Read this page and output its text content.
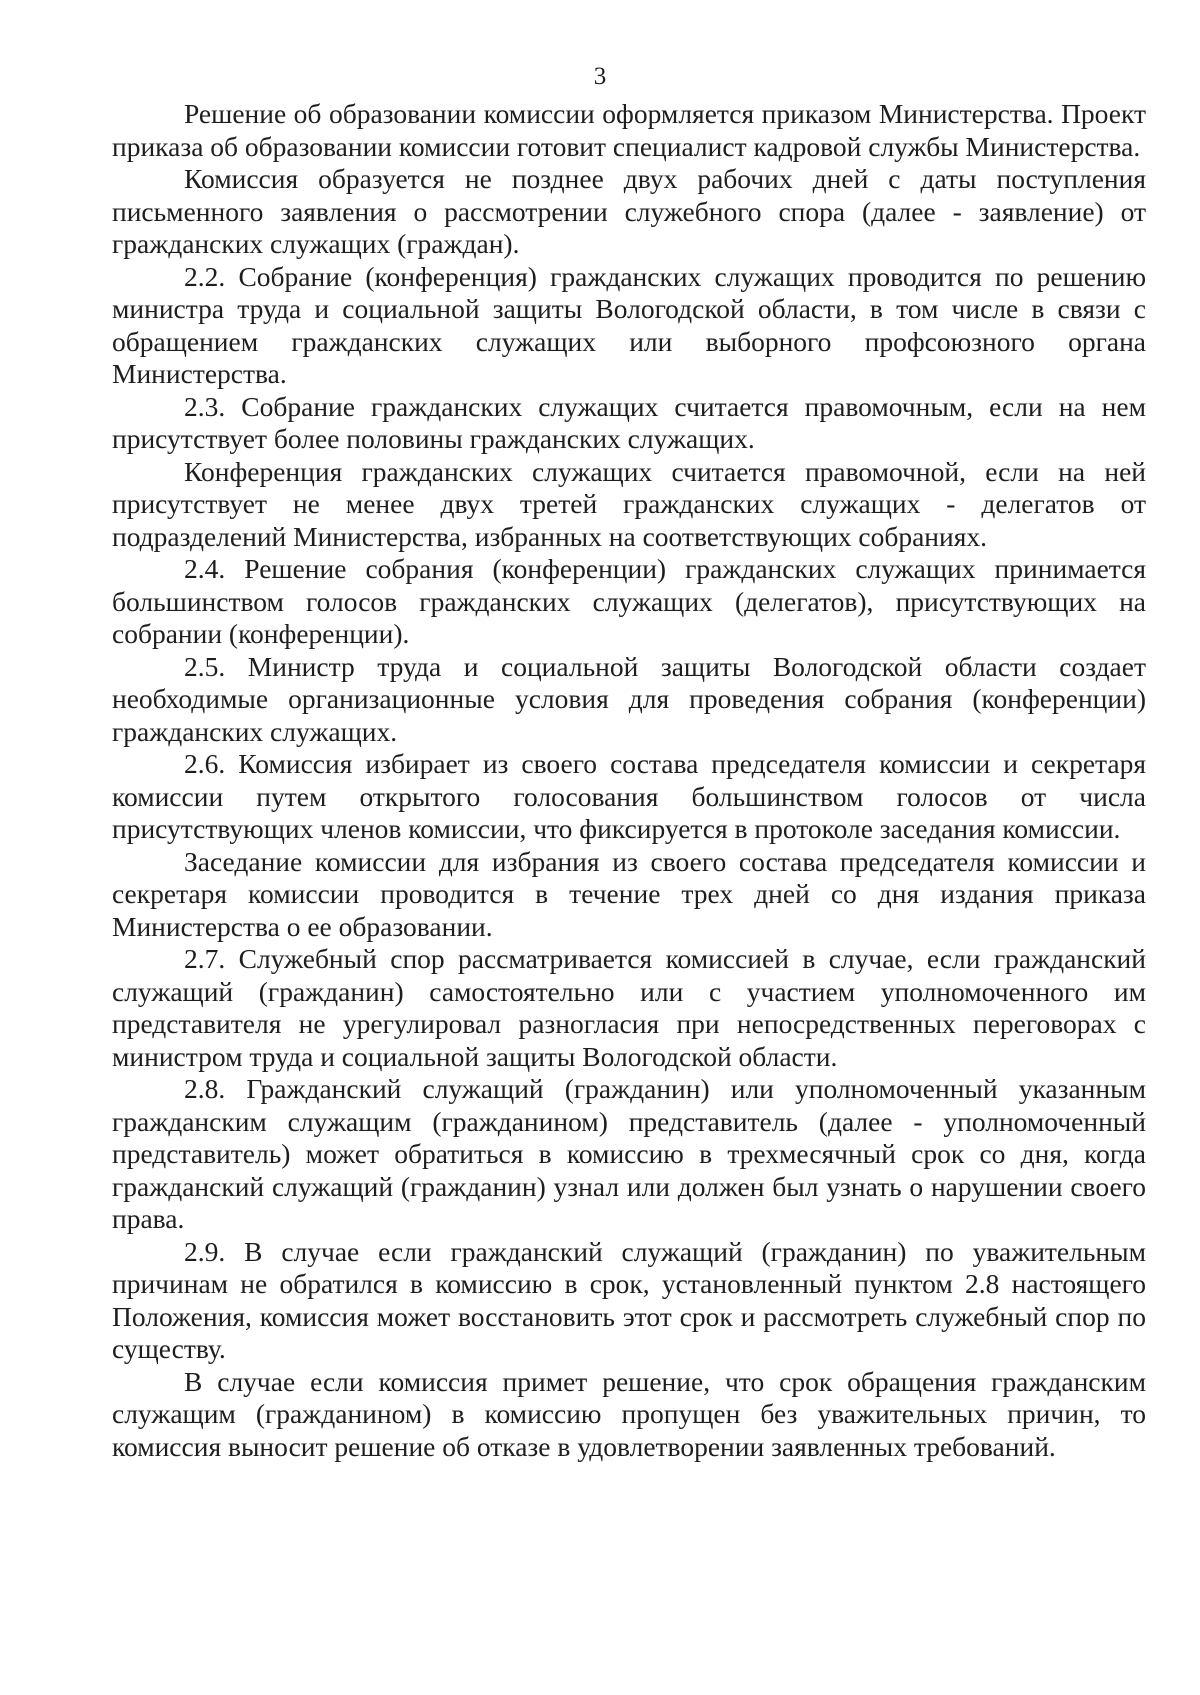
3

Решение об образовании комиссии оформляется приказом Министерства. Проект приказа об образовании комиссии готовит специалист кадровой службы Министерства.

Комиссия образуется не позднее двух рабочих дней с даты поступления письменного заявления о рассмотрении служебного спора (далее - заявление) от гражданских служащих (граждан).

2.2. Собрание (конференция) гражданских служащих проводится по решению министра труда и социальной защиты Вологодской области, в том числе в связи с обращением гражданских служащих или выборного профсоюзного органа Министерства.

2.3. Собрание гражданских служащих считается правомочным, если на нем присутствует более половины гражданских служащих.

Конференция гражданских служащих считается правомочной, если на ней присутствует не менее двух третей гражданских служащих - делегатов от подразделений Министерства, избранных на соответствующих собраниях.

2.4. Решение собрания (конференции) гражданских служащих принимается большинством голосов гражданских служащих (делегатов), присутствующих на собрании (конференции).

2.5. Министр труда и социальной защиты Вологодской области создает необходимые организационные условия для проведения собрания (конференции) гражданских служащих.

2.6. Комиссия избирает из своего состава председателя комиссии и секретаря комиссии путем открытого голосования большинством голосов от числа присутствующих членов комиссии, что фиксируется в протоколе заседания комиссии.

Заседание комиссии для избрания из своего состава председателя комиссии и секретаря комиссии проводится в течение трех дней со дня издания приказа Министерства о ее образовании.

2.7. Служебный спор рассматривается комиссией в случае, если гражданский служащий (гражданин) самостоятельно или с участием уполномоченного им представителя не урегулировал разногласия при непосредственных переговорах с министром труда и социальной защиты Вологодской области.

2.8. Гражданский служащий (гражданин) или уполномоченный указанным гражданским служащим (гражданином) представитель (далее - уполномоченный представитель) может обратиться в комиссию в трехмесячный срок со дня, когда гражданский служащий (гражданин) узнал или должен был узнать о нарушении своего права.

2.9. В случае если гражданский служащий (гражданин) по уважительным причинам не обратился в комиссию в срок, установленный пунктом 2.8 настоящего Положения, комиссия может восстановить этот срок и рассмотреть служебный спор по существу.

В случае если комиссия примет решение, что срок обращения гражданским служащим (гражданином) в комиссию пропущен без уважительных причин, то комиссия выносит решение об отказе в удовлетворении заявленных требований.
